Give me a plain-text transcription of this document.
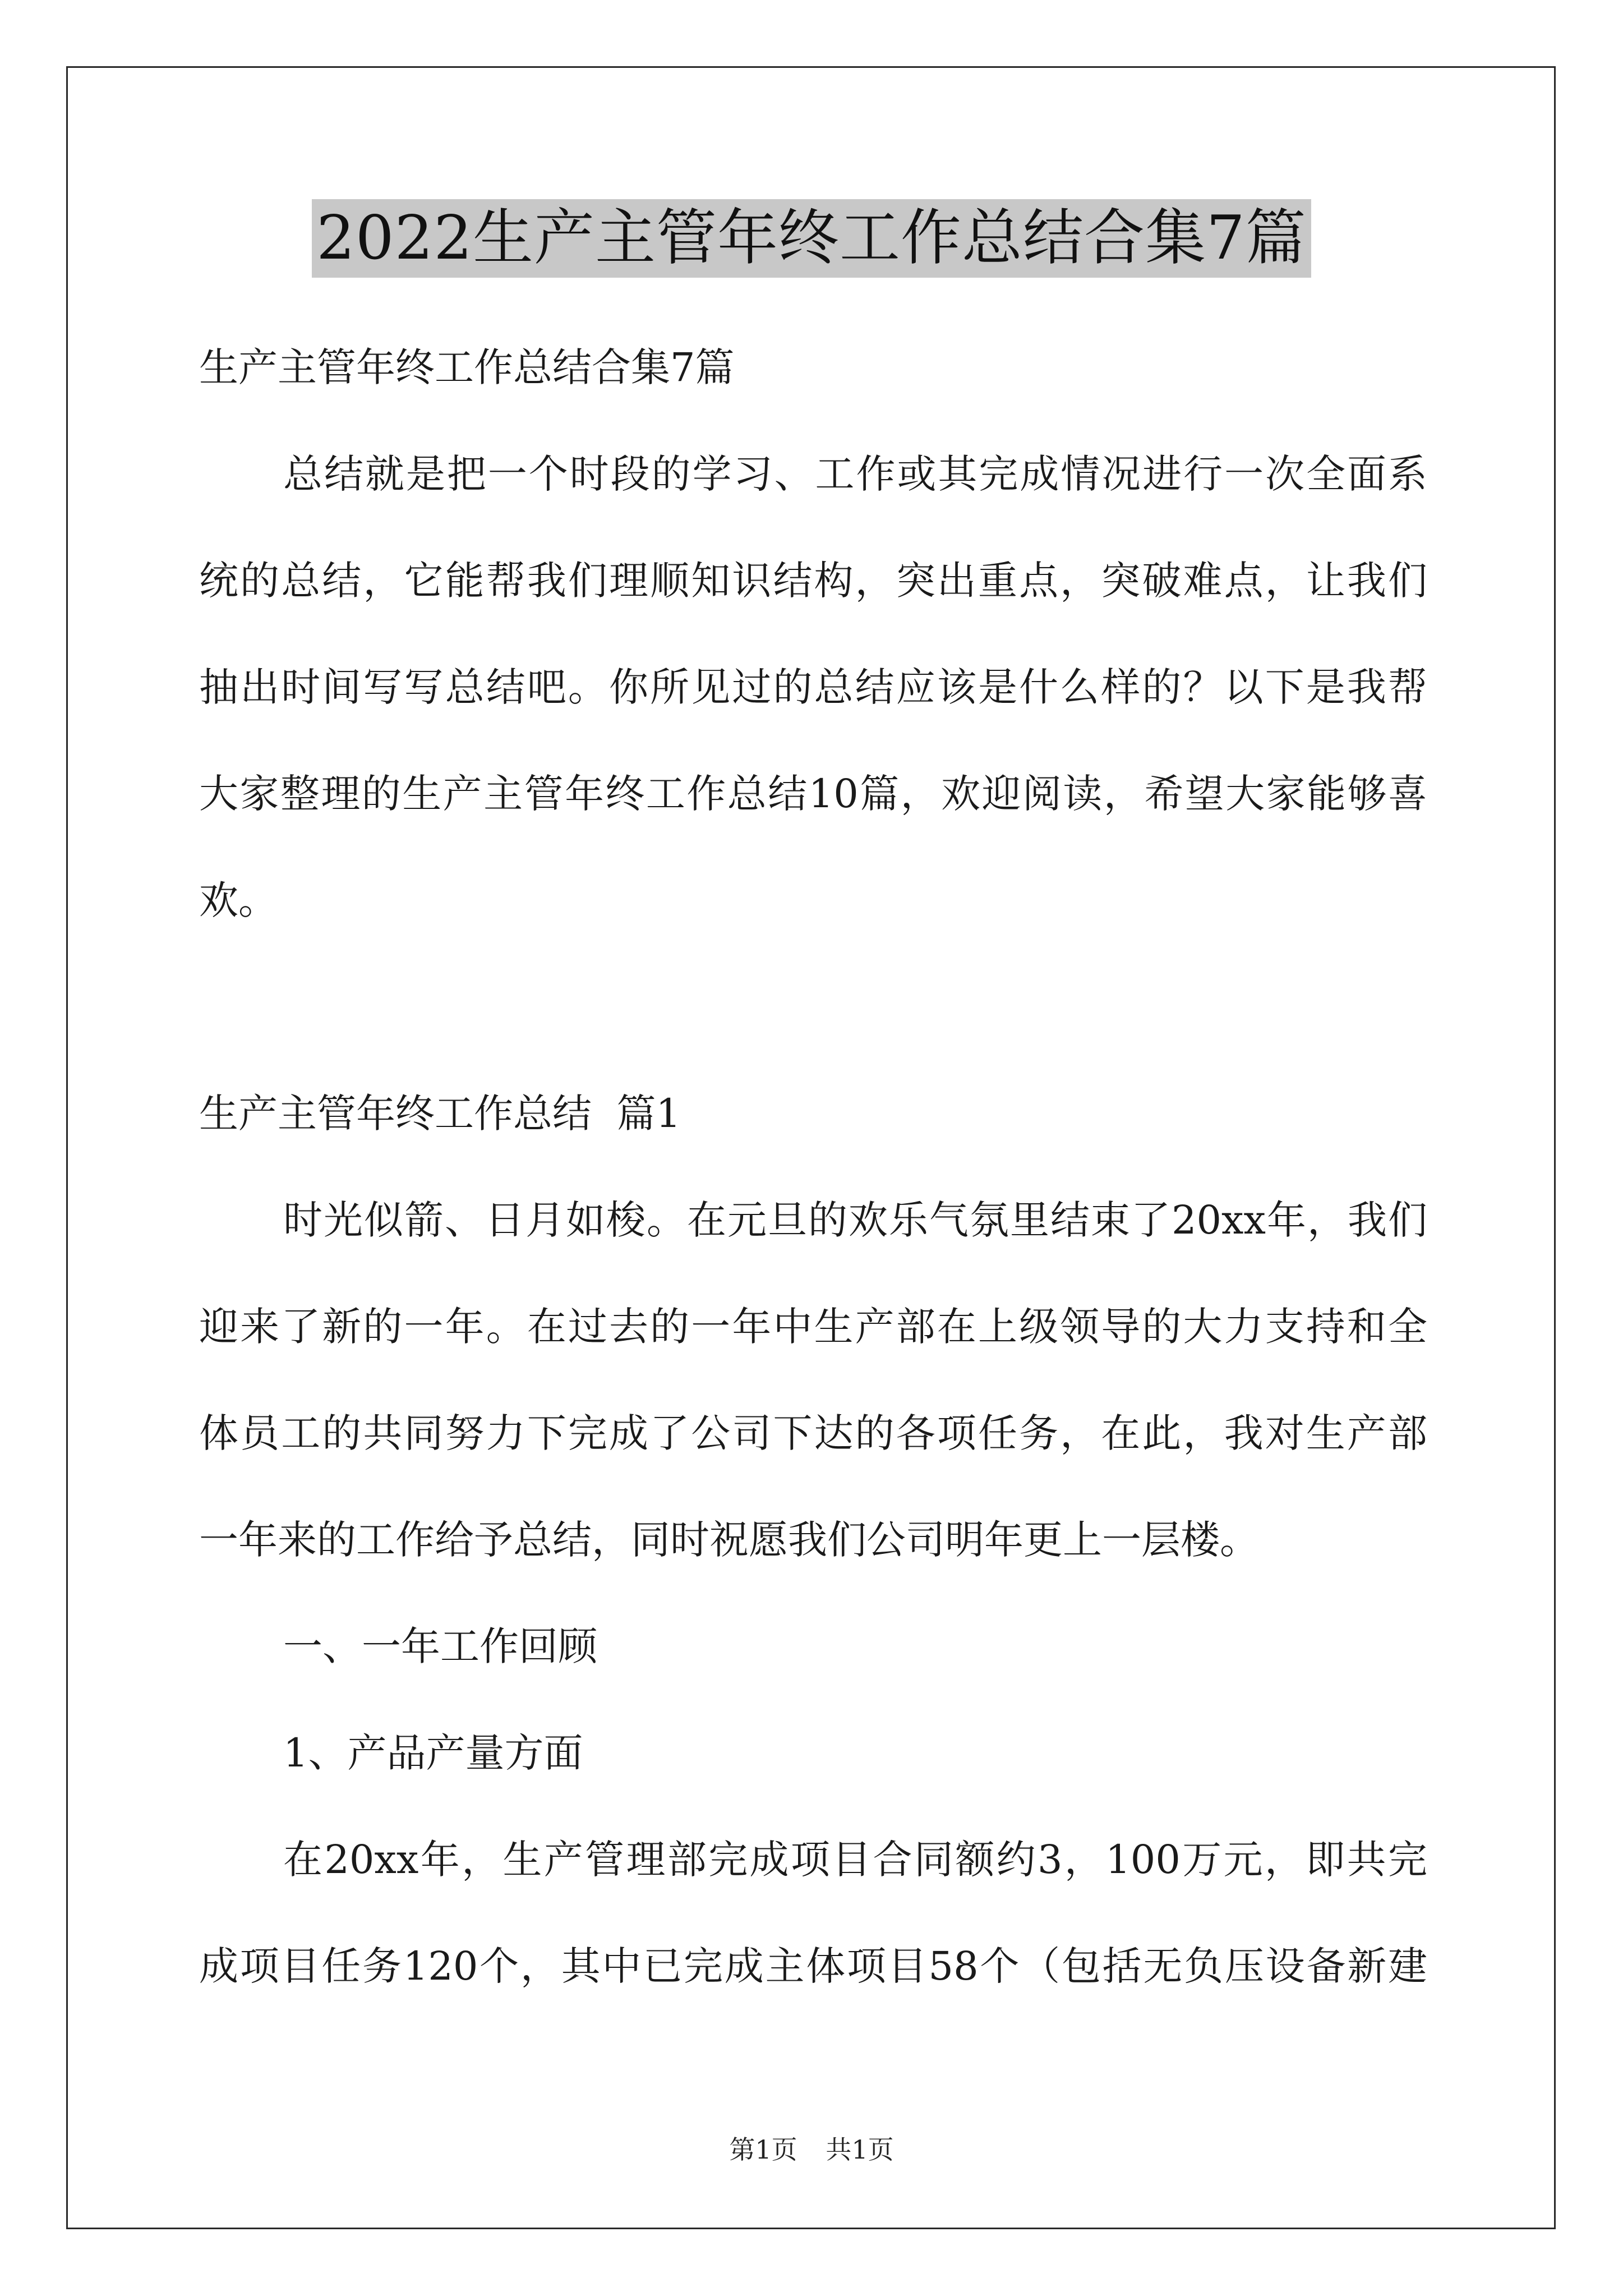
2022生产主管年终工作总结合集7篇
生产主管年终工作总结合集7篇
总结就是把一个时段的学习、工作或其完成情况进行一次全面系
统的总结，它能帮我们理顺知识结构，突出重点，突破难点，让我们
抽出时间写写总结吧。你所见过的总结应该是什么样的？以下是我帮
大家整理的生产主管年终工作总结10篇，欢迎阅读，希望大家能够喜
欢。
生产主管年终工作总结  篇1
时光似箭、日月如梭。在元旦的欢乐气氛里结束了20xx年，我们
迎来了新的一年。在过去的一年中生产部在上级领导的大力支持和全
体员工的共同努力下完成了公司下达的各项任务，在此，我对生产部
一年来的工作给予总结，同时祝愿我们公司明年更上一层楼。
一、一年工作回顾
1、产品产量方面
在20xx年，生产管理部完成项目合同额约3，100万元，即共完
成项目任务120个，其中已完成主体项目58个（包括无负压设备新建
第1页 共1页
